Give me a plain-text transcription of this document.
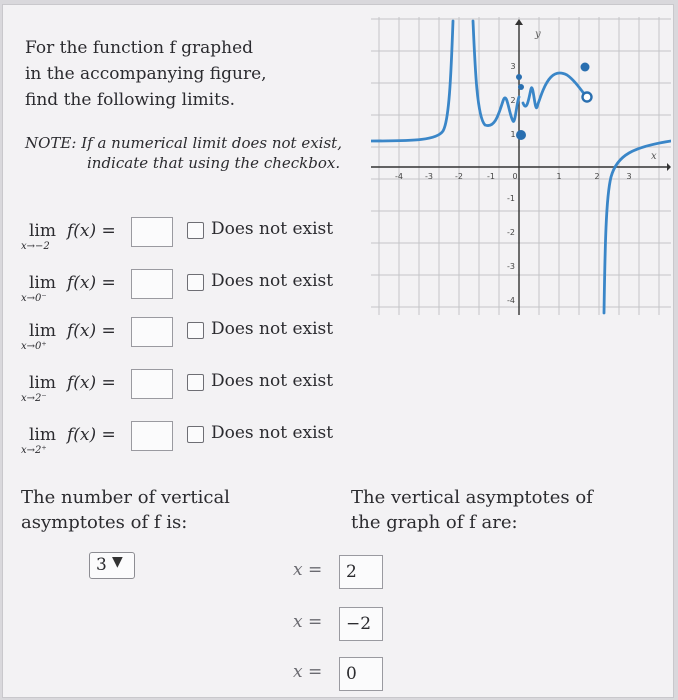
For the function f graphed
in the accompanying figure,
find the following limits.
NOTE: If a numerical limit does not exist,
indicate that using the checkbox.
y
x
-4	-3	-2	-1 0	1	2	3
3
2
1
-1
-2
-3
-4
lim
x→−2
f(x) =	Does not exist
lim
x→0⁻
f(x) =	Does not exist
lim
x→0⁺
f(x) =	Does not exist
lim
x→2⁻
f(x) =	Does not exist
lim
x→2⁺
f(x) =	Does not exist
The number of vertical
asymptotes of f is:
3 ▼
The vertical asymptotes of
the graph of f are:
x =	2
x =	−2
x =	0
